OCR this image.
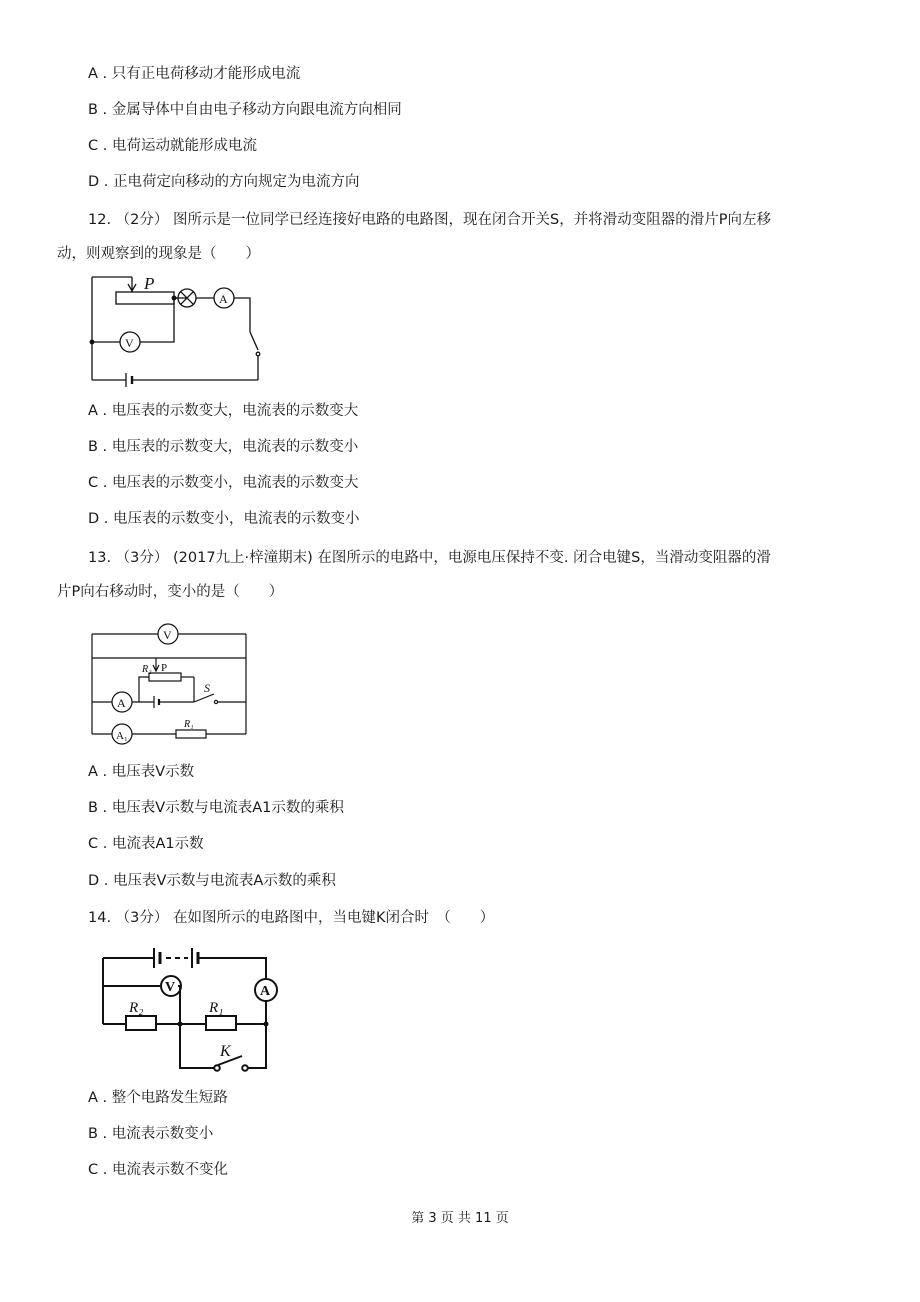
A . 只有正电荷移动才能形成电流
B . 金属导体中自由电子移动方向跟电流方向相同
C . 电荷运动就能形成电流
D . 正电荷定向移动的方向规定为电流方向
12. （2分） 图所示是一位同学已经连接好电路的电路图，现在闭合开关S，并将滑动变阻器的滑片P向左移
动，则观察到的现象是（　　）
P
A
V
A . 电压表的示数变大，电流表的示数变大
B . 电压表的示数变大，电流表的示数变小
C . 电压表的示数变小，电流表的示数变大
D . 电压表的示数变小，电流表的示数变小
13. （3分） (2017九上·梓潼期末) 在图所示的电路中，电源电压保持不变. 闭合电键S，当滑动变阻器的滑
片P向右移动时，变小的是（　　）
V
R₂ P
S
A
A₁
R₁
A . 电压表V示数
B . 电压表V示数与电流表A1示数的乘积
C . 电流表A1示数
D . 电压表V示数与电流表A示数的乘积
14. （3分） 在如图所示的电路图中，当电键K闭合时　（　　）
V	A
R₂	R₁
K
A . 整个电路发生短路
B . 电流表示数变小
C . 电流表示数不变化
第 3 页 共 11 页
